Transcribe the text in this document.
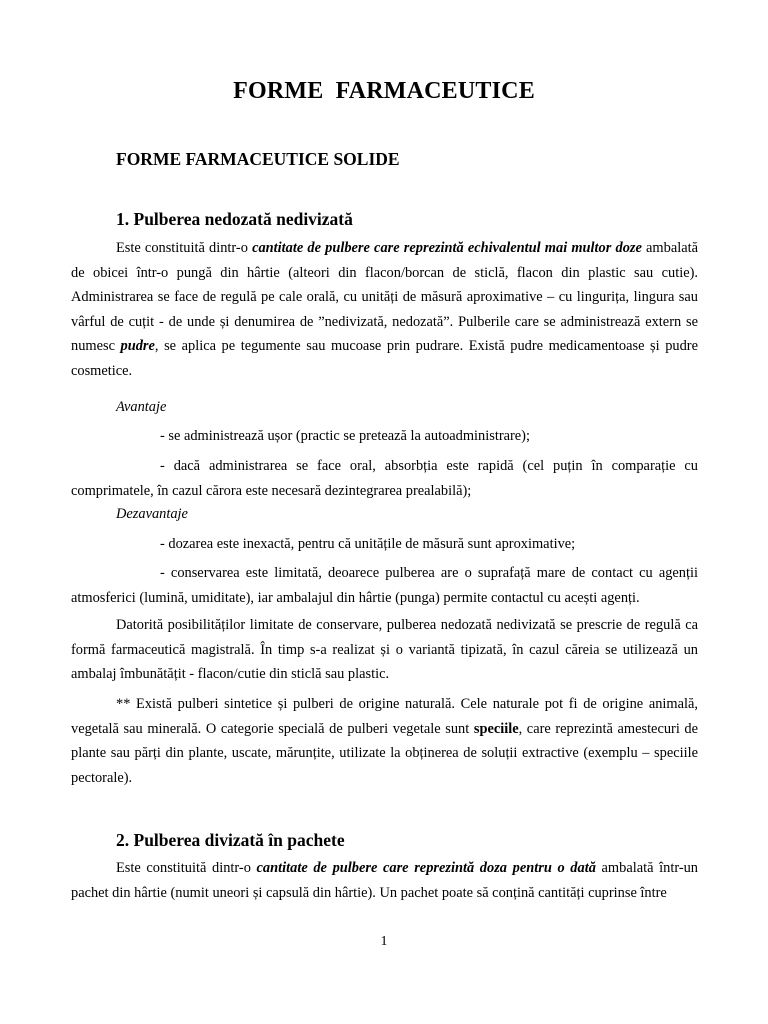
FORME FARMACEUTICE
FORME FARMACEUTICE SOLIDE
1. Pulberea nedozată nedivizată

Este constituită dintr-o cantitate de pulbere care reprezintă echivalentul mai multor doze ambalată de obicei într-o pungă din hârtie (alteori din flacon/borcan de sticlă, flacon din plastic sau cutie). Administrarea se face de regulă pe cale orală, cu unități de măsură aproximative – cu lingurița, lingura sau vârful de cuțit - de unde și denumirea de ”nedivizată, nedozată”. Pulberile care se administrează extern se numesc pudre, se aplica pe tegumente sau mucoase prin pudrare. Există pudre medicamentoase și pudre cosmetice.

Avantaje

- se administrează ușor (practic se pretează la autoadministrare);

- dacă administrarea se face oral, absorbția este rapidă (cel puțin în comparație cu comprimatele, în cazul cărora este necesară dezintegrarea prealabilă);

Dezavantaje

- dozarea este inexactă, pentru că unitățile de măsură sunt aproximative;

- conservarea este limitată, deoarece pulberea are o suprafață mare de contact cu agenții atmosferici (lumină, umiditate), iar ambalajul din hârtie (punga) permite contactul cu acești agenți.

Datorită posibilităților limitate de conservare, pulberea nedozată nedivizată se prescrie de regulă ca formă farmaceutică magistrală. În timp s-a realizat și o variantă tipizată, în cazul căreia se utilizează un ambalaj îmbunătățit - flacon/cutie din sticlă sau plastic.

** Există pulberi sintetice și pulberi de origine naturală. Cele naturale pot fi de origine animală, vegetală sau minerală. O categorie specială de pulberi vegetale sunt speciile, care reprezintă amestecuri de plante sau părți din plante, uscate, mărunțite, utilizate la obținerea de soluții extractive (exemplu – speciile pectorale).

2. Pulberea divizată în pachete

Este constituită dintr-o cantitate de pulbere care reprezintă doza pentru o dată ambalată într-un pachet din hârtie (numit uneori și capsulă din hârtie). Un pachet poate să conțină cantități cuprinse între

1
